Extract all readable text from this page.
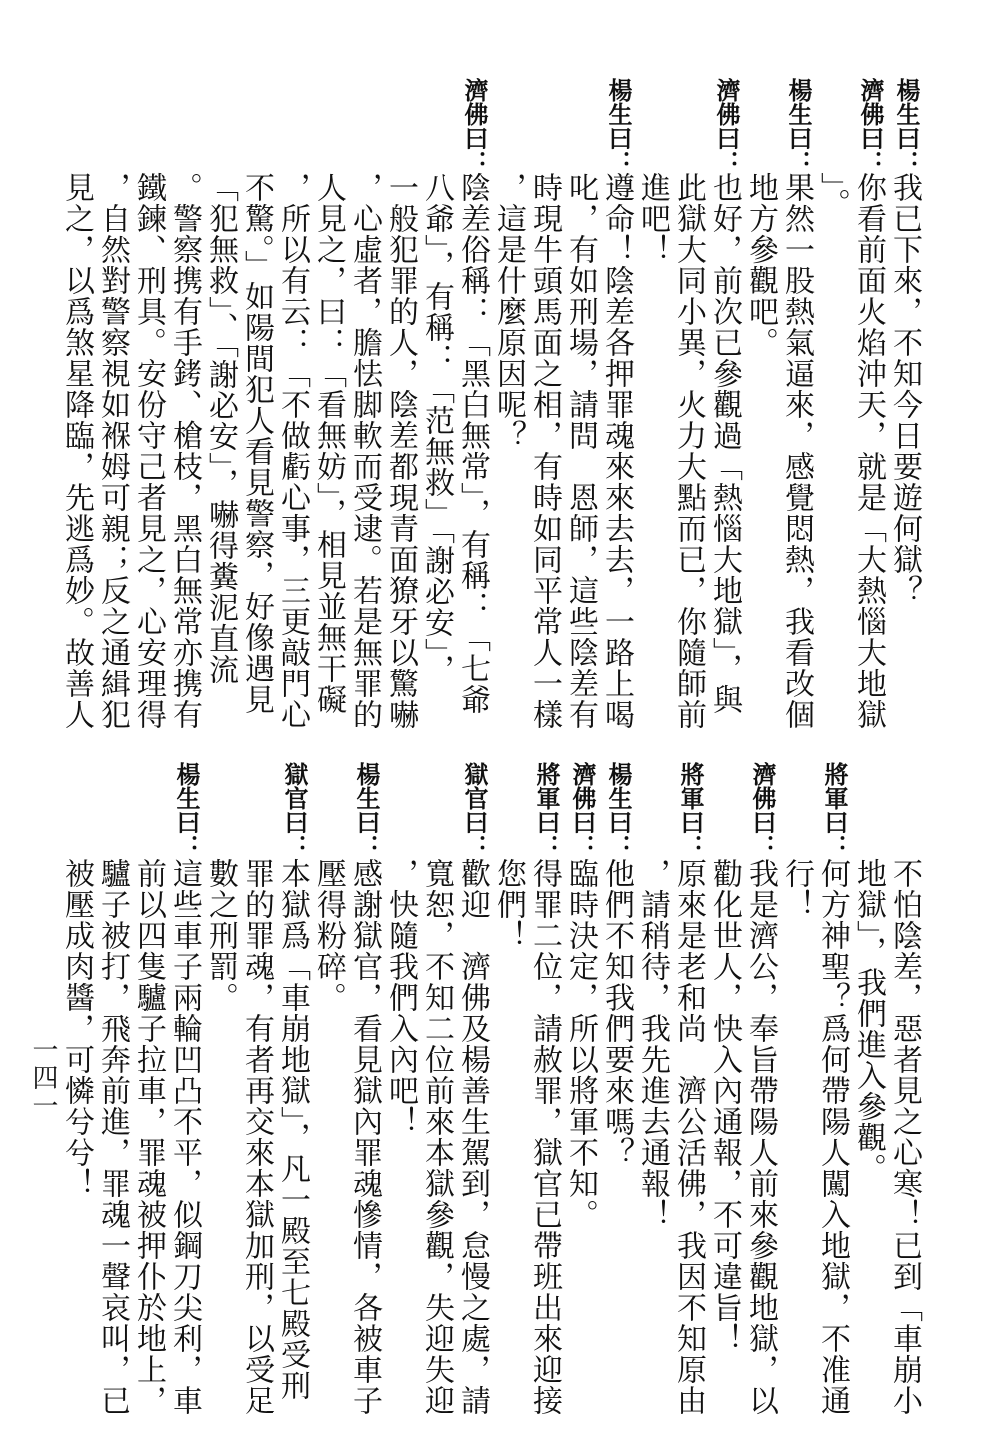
楊生曰：
濟佛曰：
楊生曰：
濟佛曰：
楊生曰：
濟佛曰：
我已下來，不知今日要遊何獄？
你看前面火焰沖天，就是「大熱惱大地獄
」。
果然一股熱氣逼來，感覺悶熱，我看改個
地方參觀吧。
也好，前次已參觀過「熱惱大地獄」，與
此獄大同小異，火力大點而已，你隨師前
進吧！
遵命！陰差各押罪魂來來去去，一路上喝
叱，有如刑場，請問　恩師，這些陰差有
時現牛頭馬面之相，有時如同平常人一樣
，這是什麼原因呢？
陰差俗稱：「黑白無常」，有稱：「七爺
八爺」，有稱：「范無救」「謝必安」，
一般犯罪的人，陰差都現青面獠牙以驚嚇
，心虛者，膽怯脚軟而受逮。若是無罪的
人見之，曰：「看無妨」，相見並無干礙
，所以有云：「不做虧心事，三更敲門心
不驚。」如陽間犯人看見警察，好像遇見
「犯無救」、「謝必安」，嚇得糞泥直流
。警察携有手銬、槍枝，黑白無常亦携有
鐵鍊、刑具。安份守己者見之，心安理得
，自然對警察視如褓姆可親；反之通緝犯
見之，以爲煞星降臨，先逃爲妙。故善人
將軍曰：
濟佛曰：
將軍曰：
楊生曰：
濟佛曰：
將軍曰：
獄官曰：
楊生曰：
獄官曰：
楊生曰：
不怕陰差，惡者見之心寒！已到「車崩小
地獄」，我們進入參觀。
何方神聖？爲何帶陽人闖入地獄，不准通
行！
我是濟公，奉旨帶陽人前來參觀地獄，以
勸化世人，快入內通報，不可違旨！
原來是老和尚　濟公活佛，我因不知原由
，請稍待，我先進去通報！
他們不知我們要來嗎？
臨時決定，所以將軍不知。
得罪二位，請赦罪，獄官已帶班出來迎接
您們！
歡迎　濟佛及楊善生駕到，怠慢之處，請
寬恕，不知二位前來本獄參觀，失迎失迎
，快隨我們入內吧！
感謝獄官，看見獄內罪魂慘情，各被車子
壓得粉碎。
本獄爲「車崩地獄」，凡一殿至七殿受刑
罪的罪魂，有者再交來本獄加刑，以受足
數之刑罰。
這些車子兩輪凹凸不平，似鋼刀尖利，車
前以四隻驢子拉車，罪魂被押仆於地上，
驢子被打，飛奔前進，罪魂一聲哀叫，已
被壓成肉醬，可憐兮兮！
一四一
